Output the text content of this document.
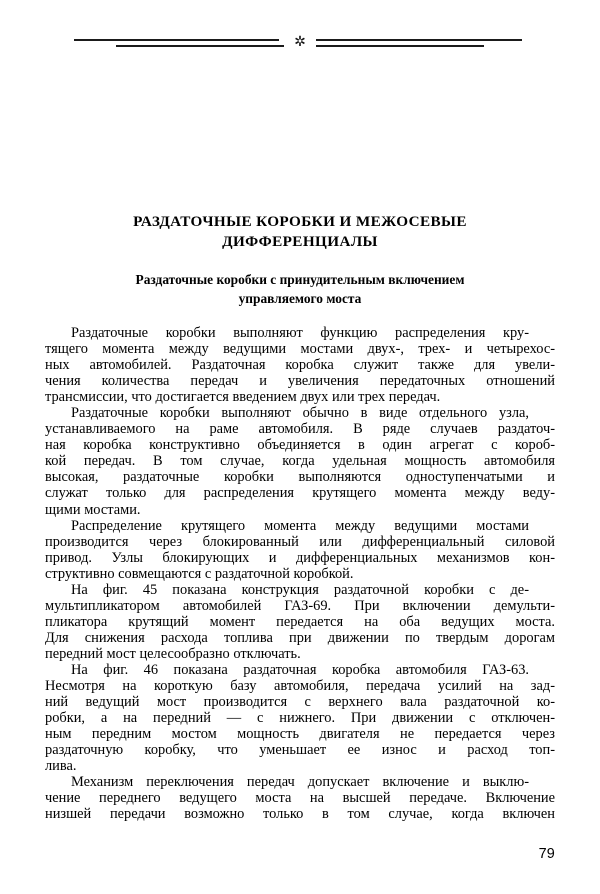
✲
РАЗДАТОЧНЫЕ КОРОБКИ И МЕЖОСЕВЫЕ
ДИФФЕРЕНЦИАЛЫ
Раздаточные коробки с принудительным включением
управляемого моста

Раздаточные коробки выполняют функцию распределения кру-
тящего момента между ведущими мостами двух-, трех- и четырехос-
ных автомобилей. Раздаточная коробка служит также для увели-
чения количества передач и увеличения передаточных отношений
трансмиссии, что достигается введением двух или трех передач.

Раздаточные коробки выполняют обычно в виде отдельного узла,
устанавливаемого на раме автомобиля. В ряде случаев раздаточ-
ная коробка конструктивно объединяется в один агрегат с короб-
кой передач. В том случае, когда удельная мощность автомобиля
высокая, раздаточные коробки выполняются одноступенчатыми и
служат только для распределения крутящего момента между веду-
щими мостами.

Распределение крутящего момента между ведущими мостами
производится через блокированный или дифференциальный силовой
привод. Узлы блокирующих и дифференциальных механизмов кон-
структивно совмещаются с раздаточной коробкой.

На фиг. 45 показана конструкция раздаточной коробки с де-
мультипликатором автомобилей ГАЗ-69. При включении демульти-
пликатора крутящий момент передается на оба ведущих моста.
Для снижения расхода топлива при движении по твердым дорогам
передний мост целесообразно отключать.

На фиг. 46 показана раздаточная коробка автомобиля ГАЗ-63.
Несмотря на короткую базу автомобиля, передача усилий на зад-
ний ведущий мост производится с верхнего вала раздаточной ко-
робки, а на передний — с нижнего. При движении с отключен-
ным передним мостом мощность двигателя не передается через
раздаточную коробку, что уменьшает ее износ и расход топ-
лива.

Механизм переключения передач допускает включение и выклю-
чение переднего ведущего моста на высшей передаче. Включение
низшей передачи возможно только в том случае, когда включен

79
